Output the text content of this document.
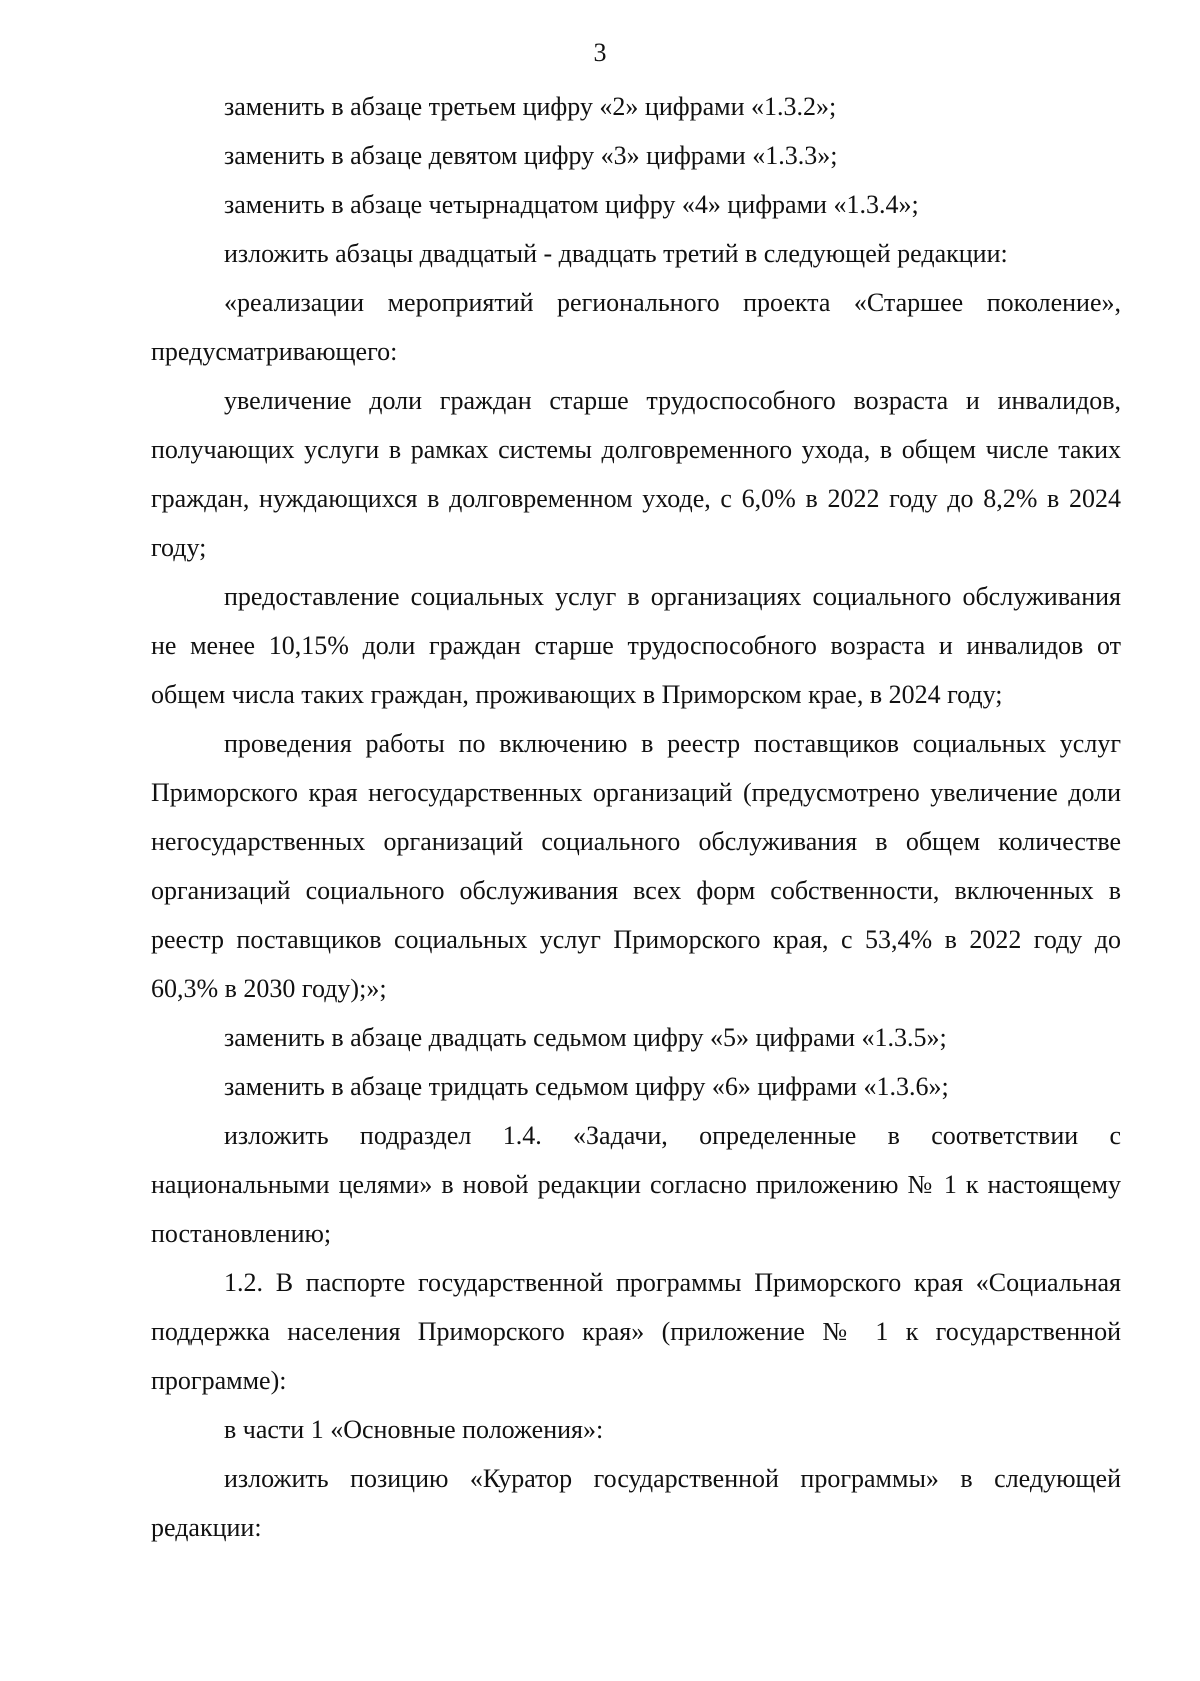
3

заменить в абзаце третьем цифру «2» цифрами «1.3.2»;

заменить в абзаце девятом цифру «3» цифрами «1.3.3»;

заменить в абзаце четырнадцатом цифру «4» цифрами «1.3.4»;

изложить абзацы двадцатый - двадцать третий в следующей редакции:

«реализации мероприятий регионального проекта «Старшее поколение», предусматривающего:

увеличение доли граждан старше трудоспособного возраста и инвалидов, получающих услуги в рамках системы долговременного ухода, в общем числе таких граждан, нуждающихся в долговременном уходе, с 6,0% в 2022 году до 8,2% в 2024 году;

предоставление социальных услуг в организациях социального обслуживания не менее 10,15% доли граждан старше трудоспособного возраста и инвалидов от общем числа таких граждан, проживающих в Приморском крае, в 2024 году;

проведения работы по включению в реестр поставщиков социальных услуг Приморского края негосударственных организаций (предусмотрено увеличение доли негосударственных организаций социального обслуживания в общем количестве организаций социального обслуживания всех форм собственности, включенных в реестр поставщиков социальных услуг Приморского края, с 53,4% в 2022 году до 60,3% в 2030 году);»;

заменить в абзаце двадцать седьмом цифру «5» цифрами «1.3.5»;

заменить в абзаце тридцать седьмом цифру «6» цифрами «1.3.6»;

изложить подраздел 1.4. «Задачи, определенные в соответствии с национальными целями» в новой редакции согласно приложению № 1 к настоящему постановлению;

1.2. В паспорте государственной программы Приморского края «Социальная поддержка населения Приморского края» (приложение № 1 к государственной программе):

в части 1 «Основные положения»:

изложить позицию «Куратор государственной программы» в следующей редакции:
